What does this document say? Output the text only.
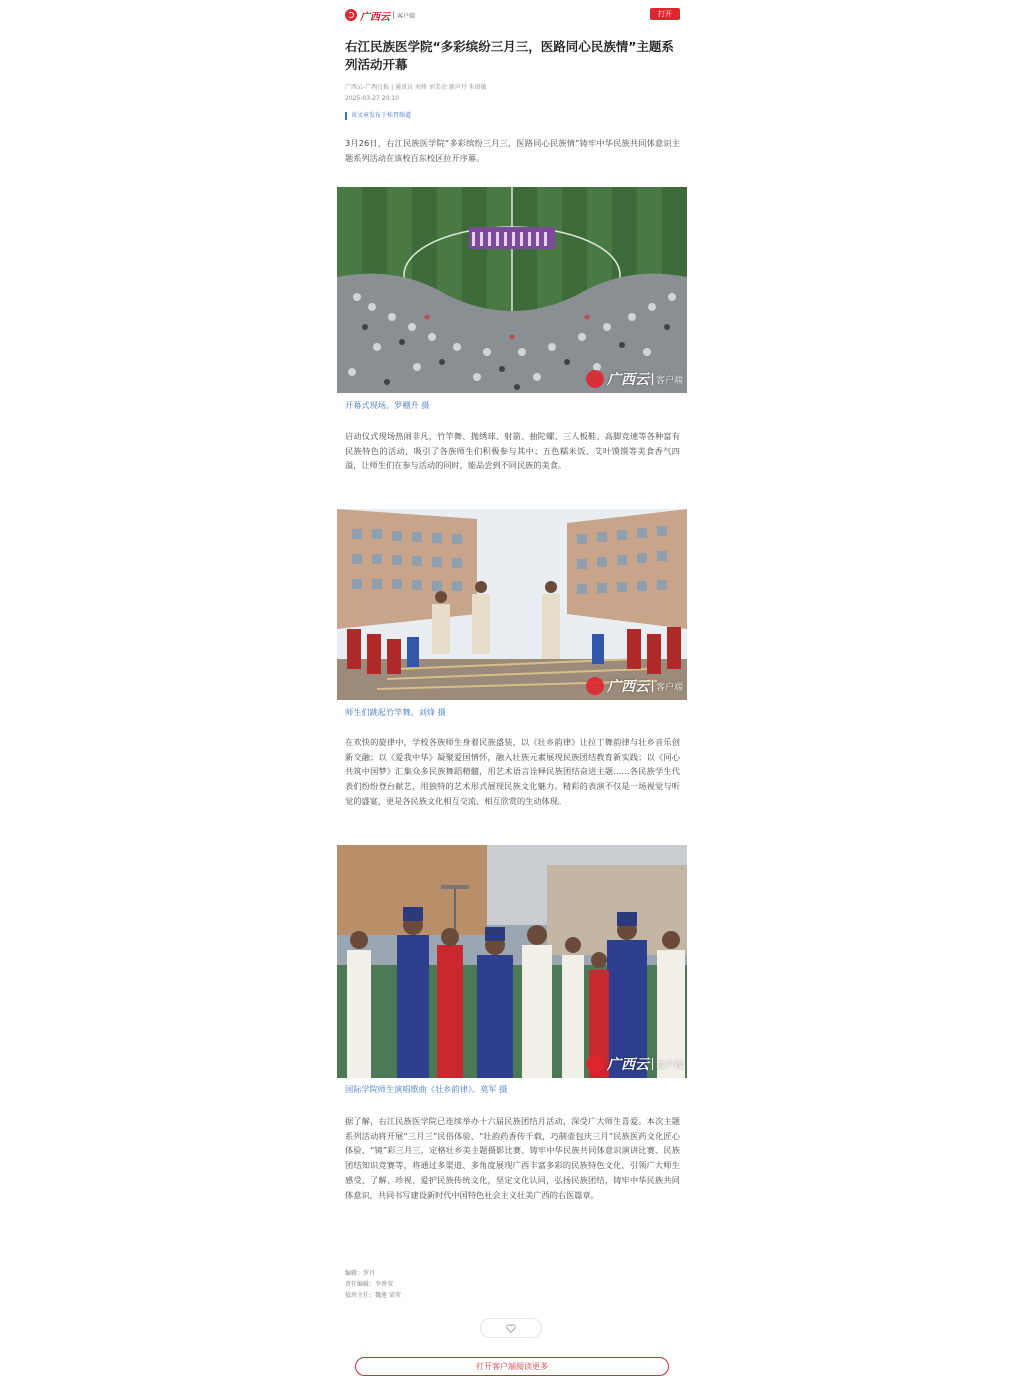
广西云 客户端	打开
右江民族医学院“多彩缤纷三月三，医路同心民族情”主题系列活动开幕
广西云-广西日报 | 通讯员 刘烽 刘美余 廖声丹 朱熔敏
2025-03-27 20:10
该文章发布于桂胃频道

3月26日，右江民族医学院“多彩缤纷三月三，医路同心民族情”铸牢中华民族共同体意识主题系列活动在该校百东校区拉开序幕。

广西云 客户端
开幕式现场。罗棚升 摄

启动仪式现场热闹非凡，竹竿舞、抛绣球、射箭、抽陀螺、三人板鞋、高脚竞速等各种富有民族特色的活动，吸引了各族师生们积极参与其中；五色糯米饭、艾叶馍馍等美食香气四溢，让师生们在参与活动的同时，能品尝到不同民族的美食。

广西云 客户端
师生们跳起竹竿舞。刘烽 摄

在欢快的旋律中，学校各族师生身着民族盛装，以《壮乡韵律》让拉丁舞韵律与壮乡音乐创新交融；以《爱我中华》凝聚爱国情怀，融入壮族元素展现民族团结教育新实践；以《同心共筑中国梦》汇集众多民族舞蹈精髓，用艺术语言诠释民族团结奋进主题……各民族学生代表们纷纷登台献艺，用独特的艺术形式展现民族文化魅力。精彩的表演不仅是一场视觉与听觉的盛宴，更是各民族文化相互交流、相互欣赏的生动体现。

广西云 客户端
国际学院师生演唱歌曲《壮乡韵律》。莫军 摄

据了解，右江民族医学院已连续举办十六届民族团结月活动，深受广大师生喜爱。本次主题系列活动将开展“三月三”民俗体验、“壮韵药香传千载，巧制壶包庆三月”民族医药文化匠心体验、“镜”彩三月三，定格壮乡美主题摄影比赛、铸牢中华民族共同体意识演讲比赛、民族团结知识竞赛等，将通过多渠道、多角度展现广西丰富多彩的民族特色文化，引领广大师生感受、了解、珍视、爱护民族传统文化，坚定文化认同，弘扬民族团结，铸牢中华民族共同体意识，共同书写建设新时代中国特色社会主义壮美广西的右医篇章。

编辑：罗丹
责任编辑：李香莹
值班主任：魏莲 梁莹
打开客户端阅读更多
